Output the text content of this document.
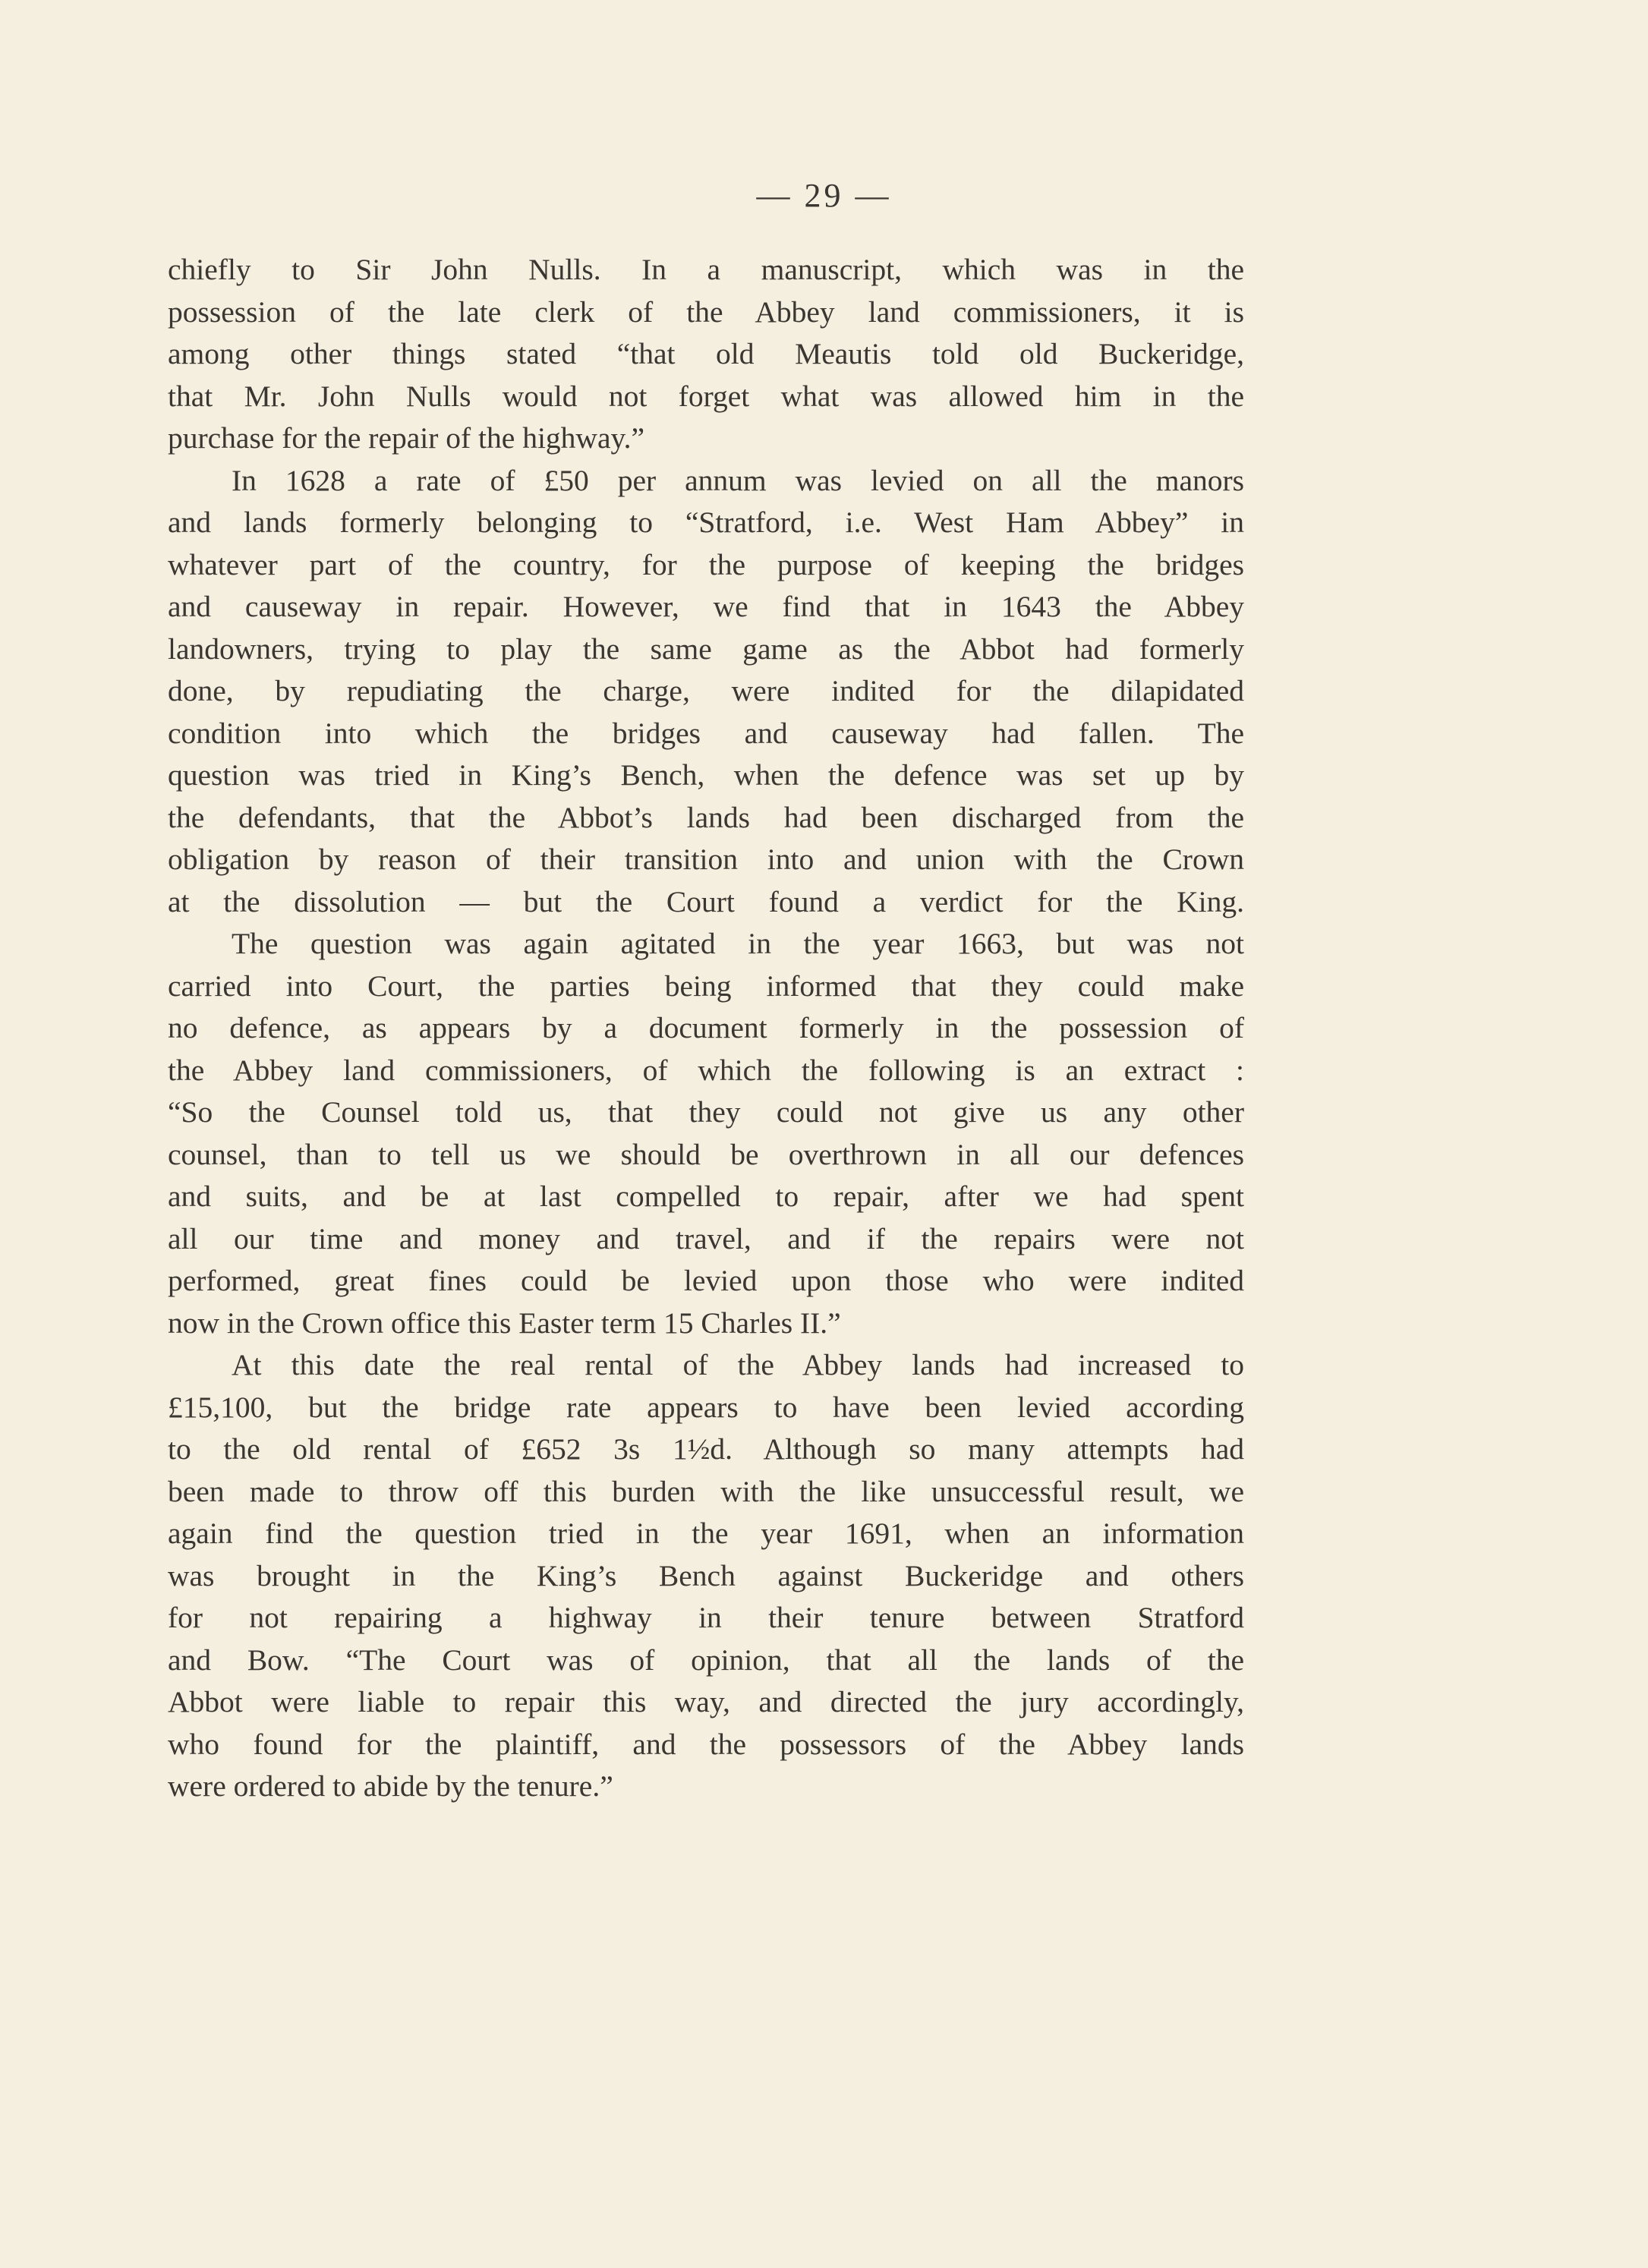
— 29 —
chiefly to Sir John Nulls. In a manuscript, which was in the
possession of the late clerk of the Abbey land commissioners, it is
among other things stated “that old Meautis told old Buckeridge,
that Mr. John Nulls would not forget what was allowed him in the
purchase for the repair of the highway.”
In 1628 a rate of £50 per annum was levied on all the manors
and lands formerly belonging to “Stratford, i.e. West Ham Abbey” in
whatever part of the country, for the purpose of keeping the bridges
and causeway in repair. However, we find that in 1643 the Abbey
landowners, trying to play the same game as the Abbot had formerly
done, by repudiating the charge, were indited for the dilapidated
condition into which the bridges and causeway had fallen. The
question was tried in King’s Bench, when the defence was set up by
the defendants, that the Abbot’s lands had been discharged from the
obligation by reason of their transition into and union with the Crown
at the dissolution — but the Court found a verdict for the King.
The question was again agitated in the year 1663, but was not
carried into Court, the parties being informed that they could make
no defence, as appears by a document formerly in the possession of
the Abbey land commissioners, of which the following is an extract :
“So the Counsel told us, that they could not give us any other
counsel, than to tell us we should be overthrown in all our defences
and suits, and be at last compelled to repair, after we had spent
all our time and money and travel, and if the repairs were not
performed, great fines could be levied upon those who were indited
now in the Crown office this Easter term 15 Charles II.”
At this date the real rental of the Abbey lands had increased to
£15,100, but the bridge rate appears to have been levied according
to the old rental of £652 3s 1½d. Although so many attempts had
been made to throw off this burden with the like unsuccessful result, we
again find the question tried in the year 1691, when an information
was brought in the King’s Bench against Buckeridge and others
for not repairing a highway in their tenure between Stratford
and Bow. “The Court was of opinion, that all the lands of the
Abbot were liable to repair this way, and directed the jury accordingly,
who found for the plaintiff, and the possessors of the Abbey lands
were ordered to abide by the tenure.”
